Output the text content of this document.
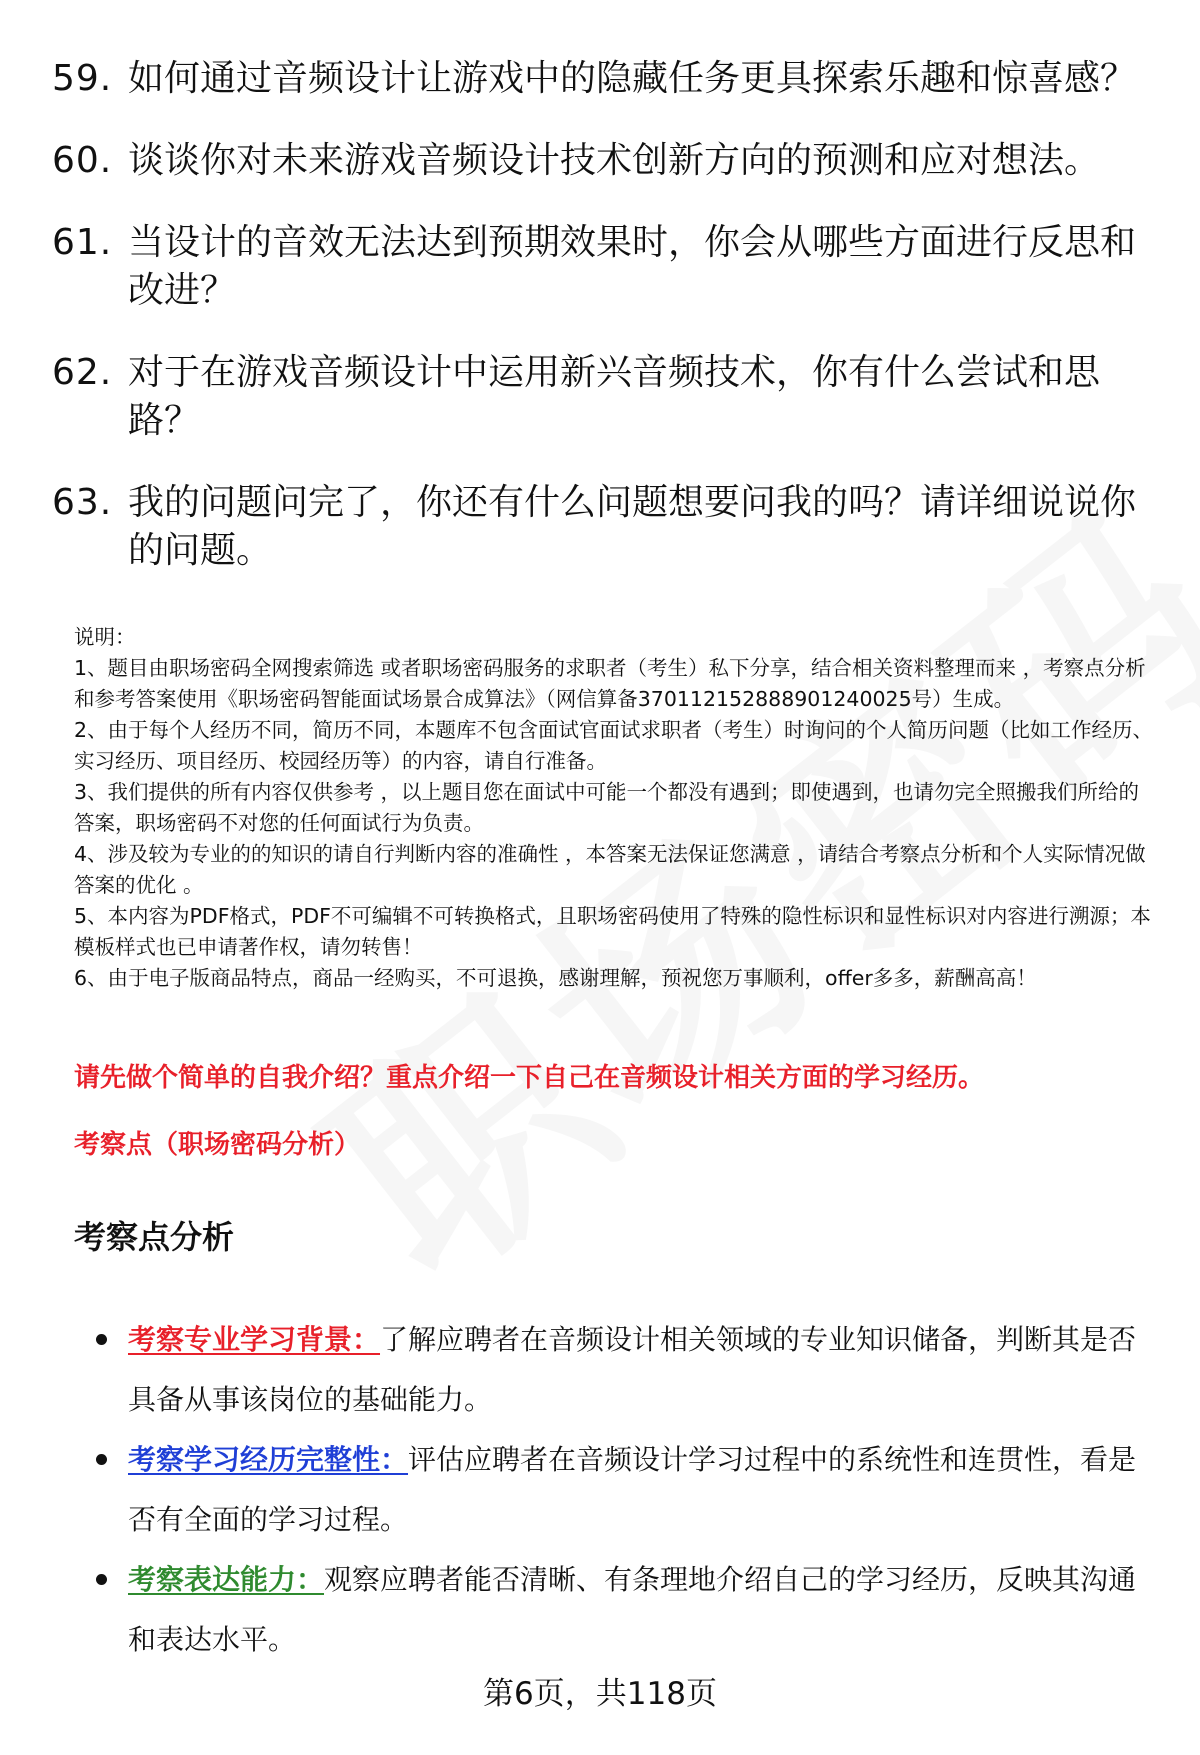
59. 如何通过音频设计让游戏中的隐藏任务更具探索乐趣和惊喜感？
60. 谈谈你对未来游戏音频设计技术创新方向的预测和应对想法。
61. 当设计的音效无法达到预期效果时，你会从哪些方面进行反思和改进？
62. 对于在游戏音频设计中运用新兴音频技术，你有什么尝试和思路？
63. 我的问题问完了，你还有什么问题想要问我的吗？请详细说说你的问题。

说明：

1、题目由职场密码全网搜索筛选 或者职场密码服务的求职者（考生）私下分享，结合相关资料整理而来 ，考察点分析和参考答案使用《职场密码智能面试场景合成算法》（网信算备370112152888901240025号）生成。

2、由于每个人经历不同，简历不同，本题库不包含面试官面试求职者（考生）时询问的个人简历问题（比如工作经历、实习经历、项目经历、校园经历等）的内容，请自行准备。

3、我们提供的所有内容仅供参考 ，以上题目您在面试中可能一个都没有遇到；即使遇到，也请勿完全照搬我们所给的答案，职场密码不对您的任何面试行为负责。

4、涉及较为专业的的知识的请自行判断内容的准确性 ，本答案无法保证您满意 ，请结合考察点分析和个人实际情况做答案的优化 。

5、本内容为PDF格式，PDF不可编辑不可转换格式，且职场密码使用了特殊的隐性标识和显性标识对内容进行溯源；本模板样式也已申请著作权，请勿转售！

6、由于电子版商品特点，商品一经购买，不可退换，感谢理解，预祝您万事顺利，offer多多，薪酬高高！

请先做个简单的自我介绍？重点介绍一下自己在音频设计相关方面的学习经历。
考察点（职场密码分析）
考察点分析
考察专业学习背景：了解应聘者在音频设计相关领域的专业知识储备，判断其是否具备从事该岗位的基础能力。
考察学习经历完整性：评估应聘者在音频设计学习过程中的系统性和连贯性，看是否有全面的学习过程。
考察表达能力：观察应聘者能否清晰、有条理地介绍自己的学习经历，反映其沟通和表达水平。
第6页，共118页
